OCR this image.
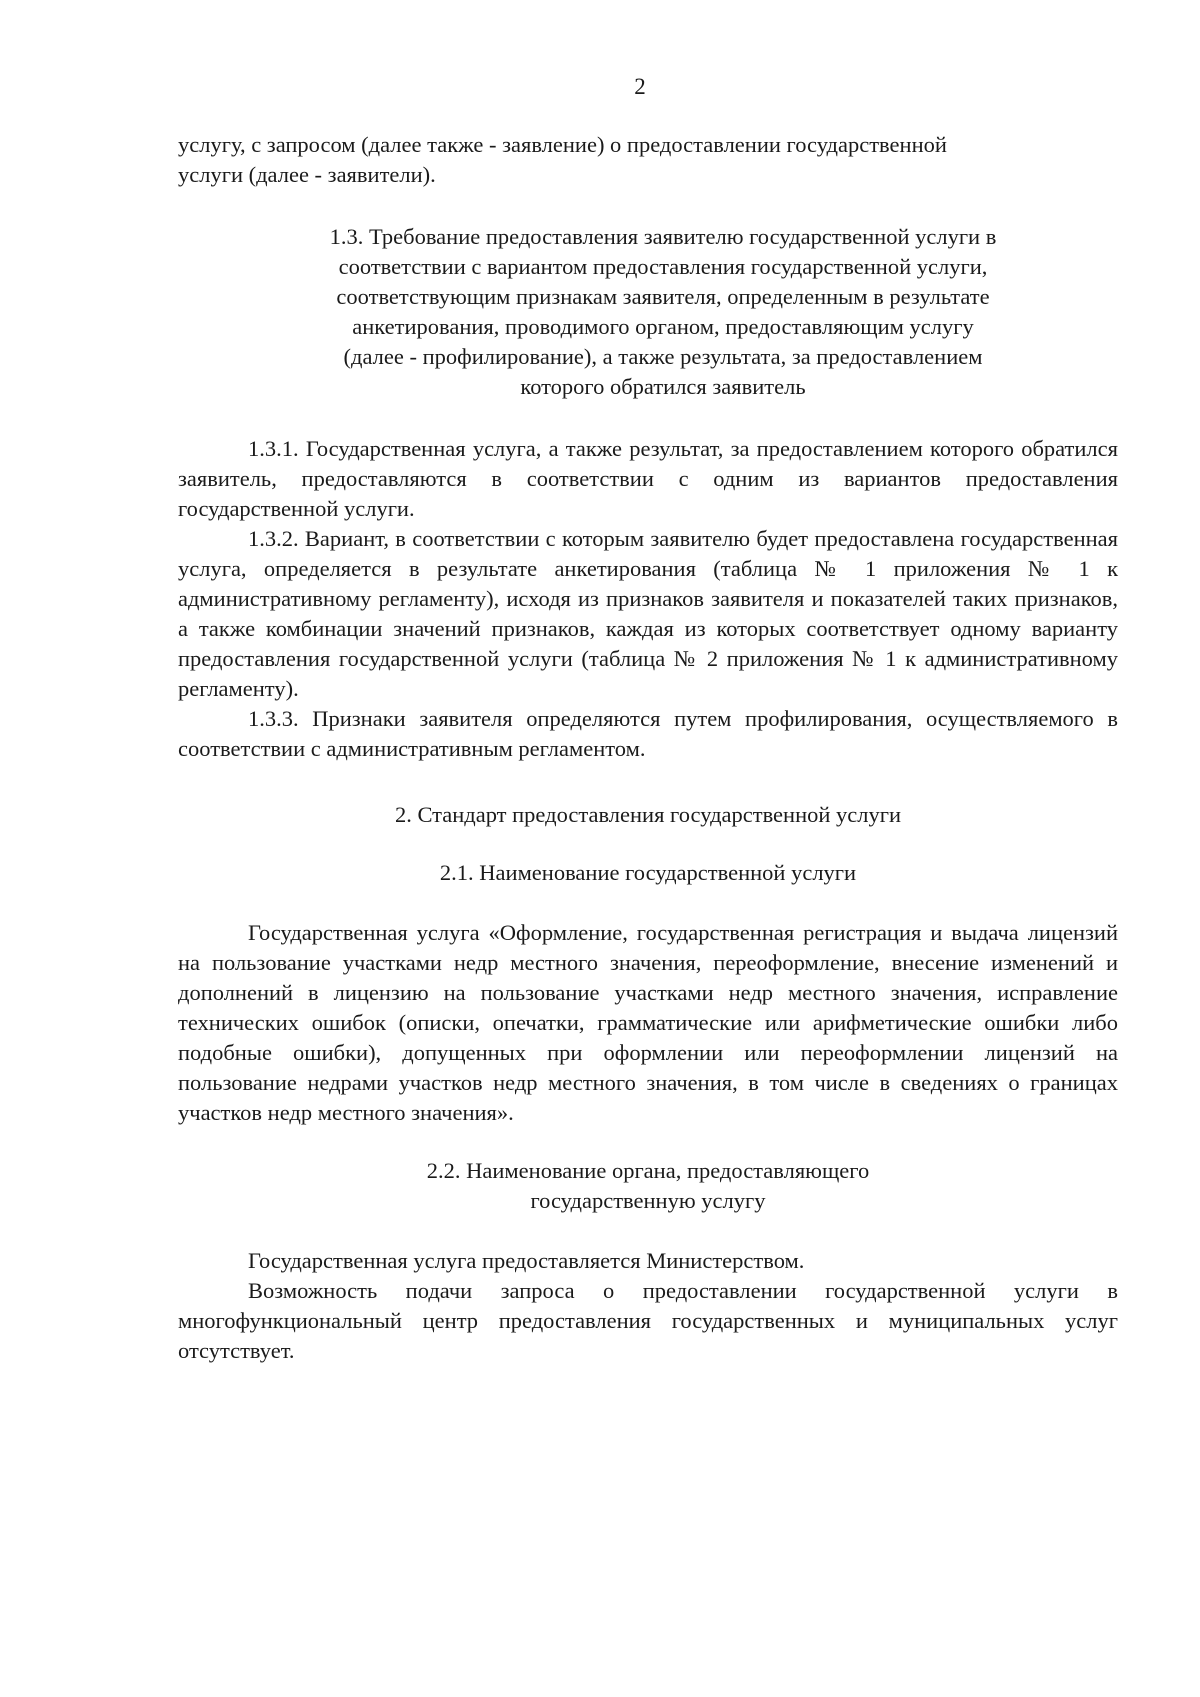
2

услугу, с запросом (далее также - заявление) о предоставлении государственной
услуги (далее - заявители).

1.3. Требование предоставления заявителю государственной услуги в
соответствии с вариантом предоставления государственной услуги,
соответствующим признакам заявителя, определенным в результате
анкетирования, проводимого органом, предоставляющим услугу
(далее - профилирование), а также результата, за предоставлением
которого обратился заявитель

1.3.1. Государственная услуга, а также результат, за предоставлением которого обратился заявитель, предоставляются в соответствии с одним из вариантов предоставления государственной услуги.

1.3.2. Вариант, в соответствии с которым заявителю будет предоставлена государственная услуга, определяется в результате анкетирования (таблица № 1 приложения № 1 к административному регламенту), исходя из признаков заявителя и показателей таких признаков, а также комбинации значений признаков, каждая из которых соответствует одному варианту предоставления государственной услуги (таблица № 2 приложения № 1 к административному регламенту).

1.3.3. Признаки заявителя определяются путем профилирования, осуществляемого в соответствии с административным регламентом.

2. Стандарт предоставления государственной услуги

2.1. Наименование государственной услуги

Государственная услуга «Оформление, государственная регистрация и выдача лицензий на пользование участками недр местного значения, переоформление, внесение изменений и дополнений в лицензию на пользование участками недр местного значения, исправление технических ошибок (описки, опечатки, грамматические или арифметические ошибки либо подобные ошибки), допущенных при оформлении или переоформлении лицензий на пользование недрами участков недр местного значения, в том числе в сведениях о границах участков недр местного значения».

2.2. Наименование органа, предоставляющего
государственную услугу

Государственная услуга предоставляется Министерством.

Возможность подачи запроса о предоставлении государственной услуги в многофункциональный центр предоставления государственных и муниципальных услуг отсутствует.
